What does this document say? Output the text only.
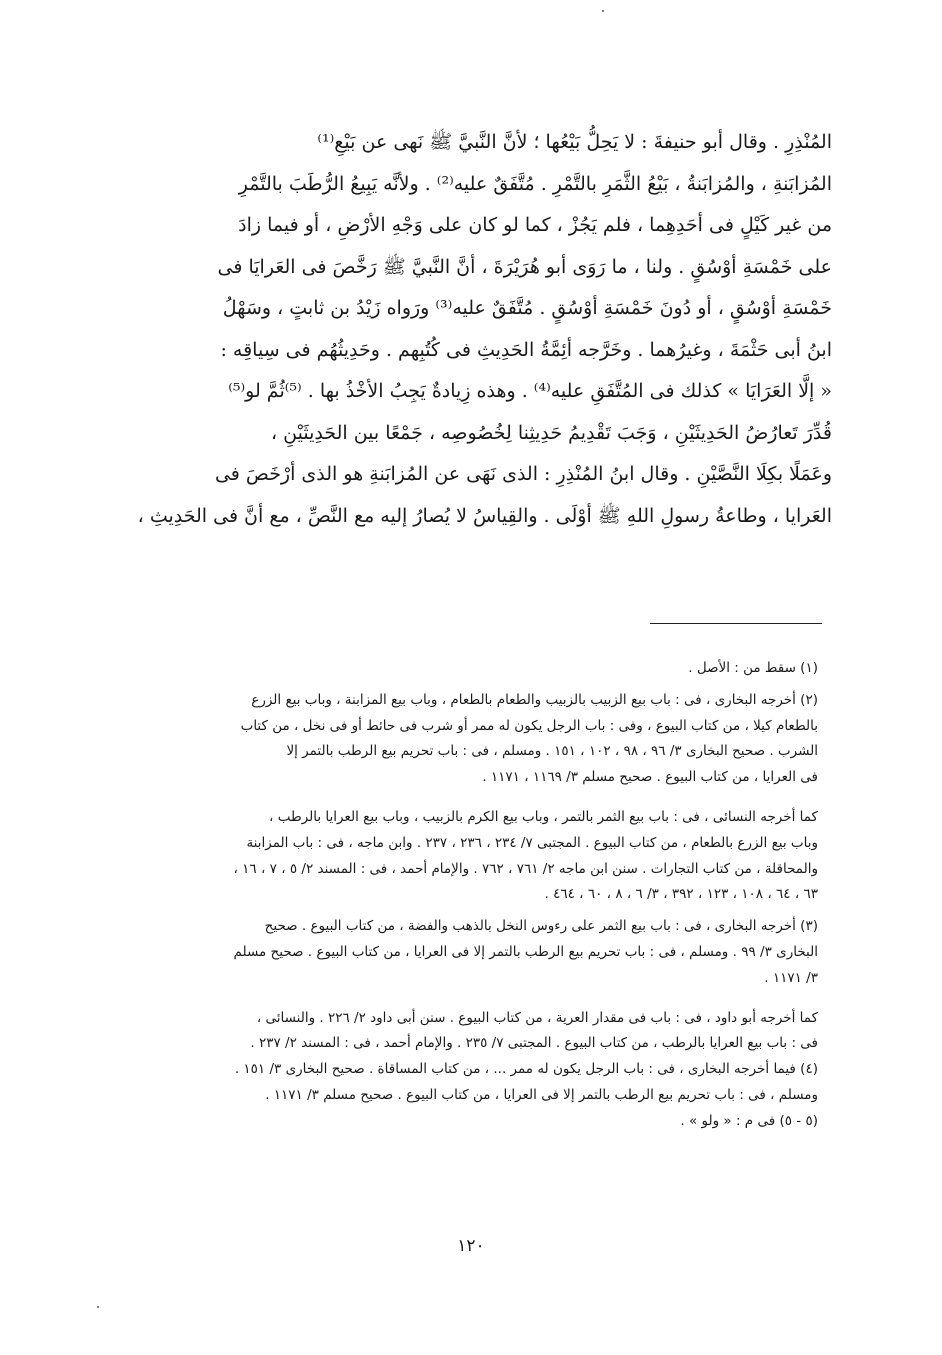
المُنْذِرِ . وقال أبو حنيفةَ : لا يَحِلُّ بَيْعُها ؛ لأنَّ النَّبيَّ ﷺ نَهى عن بَيْعِ⁽¹⁾
المُزابَنةِ ، والمُزابَنةُ ، بَيْعُ الثَّمَرِ بالتَّمْرِ . مُتَّفَقٌ عليه⁽²⁾ . ولأنَّه يَبِيعُ الرُّطَبَ بالتَّمْرِ
من غير كَيْلٍ فى أحَدِهِما ، فلم يَجُزْ ، كما لو كان على وَجْهِ الأرْضِ ، أو فيما زادَ
على خَمْسَةِ أوْسُقٍ . ولنا ، ما رَوَى أبو هُرَيْرَةَ ، أنَّ النَّبيَّ ﷺ رَخَّصَ فى العَرايَا فى
خَمْسَةِ أوْسُقٍ ، أو دُونَ خَمْسَةِ أوْسُقٍ . مُتَّفَقٌ عليه⁽³⁾ ورَواه زَيْدُ بن ثابتٍ ، وسَهْلُ
ابنُ أبى حَثْمَةَ ، وغيرُهما . وخَرَّجه أئِمَّةُ الحَدِيثِ فى كُتُبِهم . وحَدِيثُهُم فى سِياقِه :
« إلَّا العَرَايَا » كذلك فى المُتَّفَقِ عليه⁽⁴⁾ . وهذه زِيادةٌ يَجِبُ الأخْذُ بها . ⁽⁵⁾ثُمَّ لو⁽⁵⁾
قُدِّرَ تَعارُضُ الحَدِيثَيْنِ ، وَجَبَ تَقْدِيمُ حَدِيثِنا لِخُصُوصِه ، جَمْعًا بين الحَدِيثَيْنِ ،
وعَمَلًا بكِلَا النَّصَّيْنِ . وقال ابنُ المُنْذِرِ : الذى نَهَى عن المُزابَنةِ هو الذى أرْخَصَ فى
العَرايا ، وطاعةُ رسولِ اللهِ ﷺ أوْلَى . والقِياسُ لا يُصارُ إليه مع النَّصِّ ، مع أنَّ فى الحَدِيثِ ،
(١) سقط من : الأصل .
(٢) أخرجه البخارى ، فى : باب بيع الزبيب بالزبيب والطعام بالطعام ، وباب بيع المزابنة ، وباب بيع الزرع
بالطعام كيلا ، من كتاب البيوع ، وفى : باب الرجل يكون له ممر أو شرب فى حائط أو فى نخل ، من كتاب
الشرب . صحيح البخارى ٣/ ٩٦ ، ٩٨ ، ١٠٢ ، ١٥١ . ومسلم ، فى : باب تحريم بيع الرطب بالتمر إلا
فى العرايا ، من كتاب البيوع . صحيح مسلم ٣/ ١١٦٩ ، ١١٧١ .
كما أخرجه النسائى ، فى : باب بيع الثمر بالتمر ، وباب بيع الكرم بالزبيب ، وباب بيع العرايا بالرطب ،
وباب بيع الزرع بالطعام ، من كتاب البيوع . المجتبى ٧/ ٢٣٤ ، ٢٣٦ ، ٢٣٧ . وابن ماجه ، فى : باب المزابنة
والمحاقلة ، من كتاب التجارات . سنن ابن ماجه ٢/ ٧٦١ ، ٧٦٢ . والإمام أحمد ، فى : المسند ٢/ ٥ ، ٧ ، ١٦ ،
٦٣ ، ٦٤ ، ١٠٨ ، ١٢٣ ، ٣٩٢ ، ٣/ ٦ ، ٨ ، ٦٠ ، ٤٦٤ .
(٣) أخرجه البخارى ، فى : باب بيع الثمر على رءوس النخل بالذهب والفضة ، من كتاب البيوع . صحيح
البخارى ٣/ ٩٩ . ومسلم ، فى : باب تحريم بيع الرطب بالتمر إلا فى العرايا ، من كتاب البيوع . صحيح مسلم
٣/ ١١٧١ .
كما أخرجه أبو داود ، فى : باب فى مقدار العرية ، من كتاب البيوع . سنن أبى داود ٢/ ٢٢٦ . والنسائى ،
فى : باب بيع العرايا بالرطب ، من كتاب البيوع . المجتبى ٧/ ٢٣٥ . والإمام أحمد ، فى : المسند ٢/ ٢٣٧ .
(٤) فيما أخرجه البخارى ، فى : باب الرجل يكون له ممر ... ، من كتاب المساقاة . صحيح البخارى ٣/ ١٥١ .
ومسلم ، فى : باب تحريم بيع الرطب بالتمر إلا فى العرايا ، من كتاب البيوع . صحيح مسلم ٣/ ١١٧١ .
(٥ - ٥) فى م : « ولو » .
١٢٠
